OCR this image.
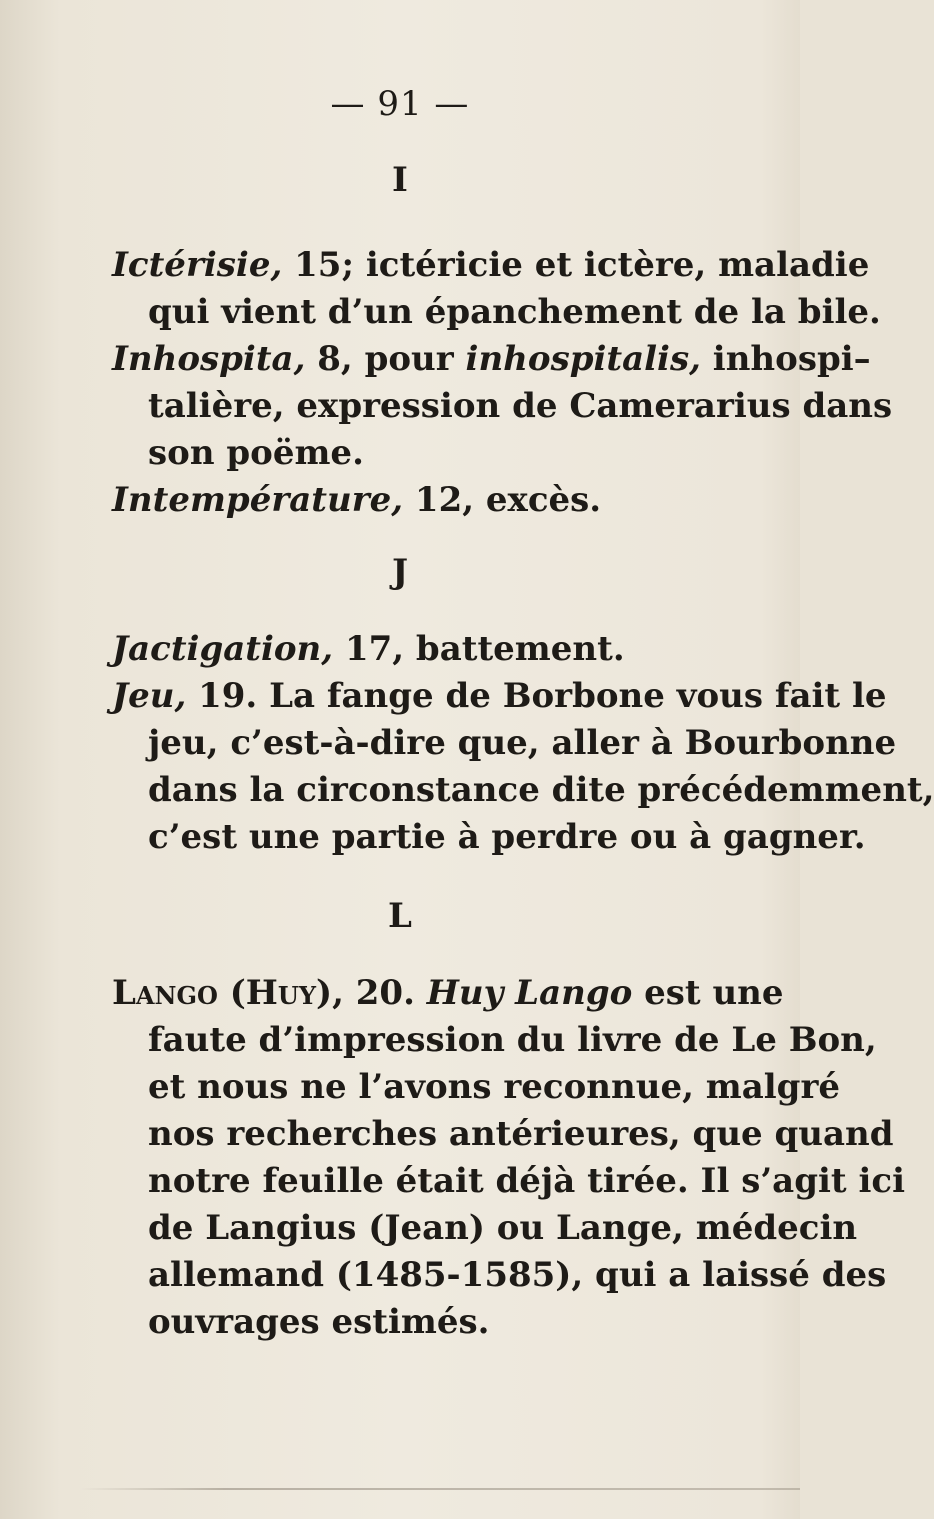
— 91 —
I
Ictérisie, 15; ictéricie et ictère, maladie
qui vient d’un épanchement de la bile.
Inhospita, 8, pour inhospitalis, inhospi–
talière, expression de Camerarius dans
son poëme.
Intempérature, 12, excès.
J
Jactigation, 17, battement.
Jeu, 19. La fange de Borbone vous fait le
jeu, c’est-à-dire que, aller à Bourbonne
dans la circonstance dite précédemment,
c’est une partie à perdre ou à gagner.
L
Lango (Huy), 20. Huy Lango est une
faute d’impression du livre de Le Bon,
et nous ne l’avons reconnue, malgré
nos recherches antérieures, que quand
notre feuille était déjà tirée. Il s’agit ici
de Langius (Jean) ou Lange, médecin
allemand (1485-1585), qui a laissé des
ouvrages estimés.
